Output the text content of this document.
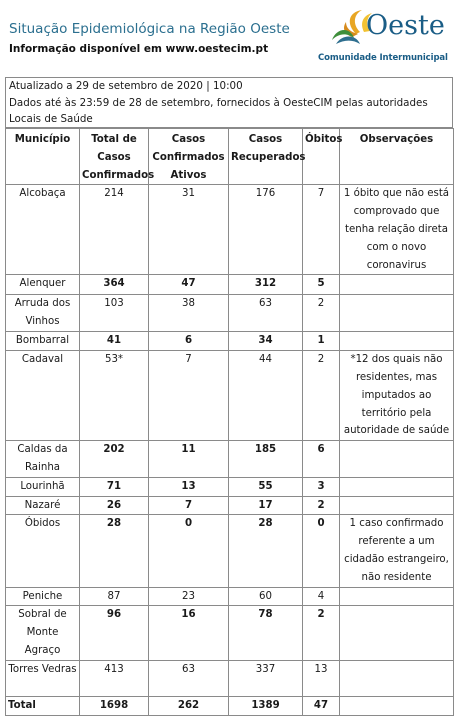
Situação Epidemiológica na Região Oeste
Informação disponível em www.oestecim.pt
Oeste
Comunidade Intermunicipal
Atualizado a 29 de setembro de 2020 | 10:00
Dados até às 23:59 de 28 de setembro, fornecidos à OesteCIM pelas autoridades
Locais de Saúde
Município	Total de Casos Confirmados	Casos Confirmados Ativos	Casos Recuperados	Óbitos	Observações
Alcobaça	214	31	176	7	1 óbito que não está comprovado que tenha relação direta com o novo coronavirus
Alenquer	364	47	312	5	
Arruda dos Vinhos	103	38	63	2	
Bombarral	41	6	34	1	
Cadaval	53*	7	44	2	*12 dos quais não residentes, mas imputados ao território pela autoridade de saúde
Caldas da Rainha	202	11	185	6	
Lourinhã	71	13	55	3	
Nazaré	26	7	17	2	
Óbidos	28	0	28	0	1 caso confirmado referente a um cidadão estrangeiro, não residente
Peniche	87	23	60	4	
Sobral de Monte Agraço	96	16	78	2	
Torres Vedras	413	63	337	13	
Total	1698	262	1389	47	
